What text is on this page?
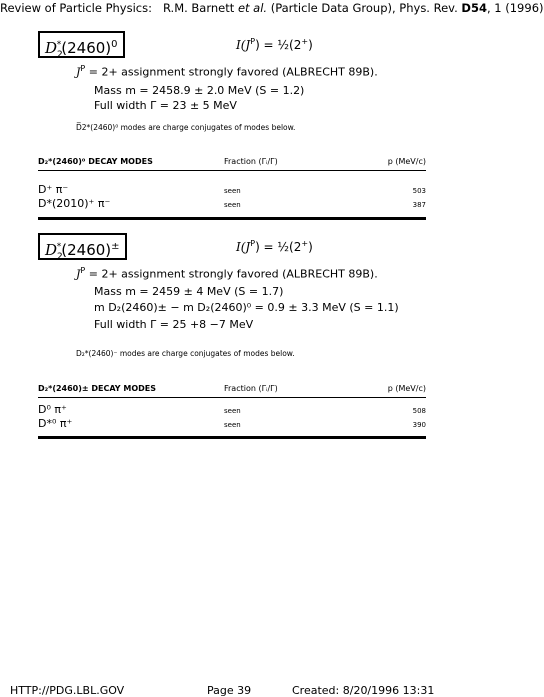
Review of Particle Physics: R.M. Barnett et al. (Particle Data Group), Phys. Rev. D54, 1 (1996)
$D_2^*(2460)^0$	$I(J^P)$ = ½(2+)
$J^P = 2+$ assignment strongly favored (ALBRECHT 89B).
Mass m = 2458.9 ± 2.0 MeV (S = 1.2)
Full width Γ = 23 ± 5 MeV
D̅2*(2460)⁰ modes are charge conjugates of modes below.
D₂*(2460)⁰ DECAY MODES	Fraction (Γᵢ/Γ)	p (MeV/c)
D⁺ π⁻	seen	503
D*(2010)⁺ π⁻	seen	387
$D_2^*(2460)^\pm$	$I(J^P)$ = ½(2+)
$J^P = 2+$ assignment strongly favored (ALBRECHT 89B).
Mass m = 2459 ± 4 MeV (S = 1.7)
m D₂(2460)± − m D₂(2460)⁰ = 0.9 ± 3.3 MeV (S = 1.1)
Full width Γ = 25 +8 −7 MeV
D₂*(2460)⁻ modes are charge conjugates of modes below.
D₂*(2460)± DECAY MODES	Fraction (Γᵢ/Γ)	p (MeV/c)
D⁰ π⁺	seen	508
D*⁰ π⁺	seen	390
HTTP://PDG.LBL.GOV	Page 39	Created: 8/20/1996 13:31
